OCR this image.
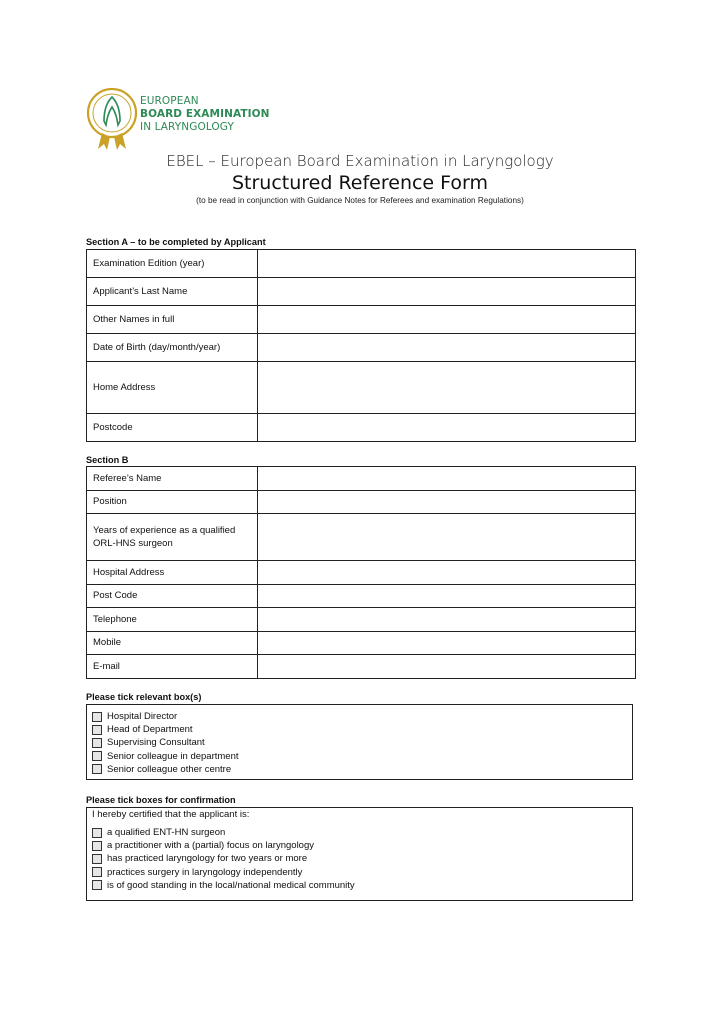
EUROPEAN
BOARD EXAMINATION
IN LARYNGOLOGY
EBEL – European Board Examination in Laryngology
Structured Reference Form
(to be read in conjunction with Guidance Notes for Referees and examination Regulations)
Section A – to be completed by Applicant
Examination Edition (year)	
Applicant’s Last Name	
Other Names in full	
Date of Birth (day/month/year)	
Home Address	
Postcode	
Section B
Referee’s Name	
Position	
Years of experience as a qualified ORL-HNS surgeon	
Hospital Address	
Post Code	
Telephone	
Mobile	
E-mail	
Please tick relevant box(s)
Hospital Director
Head of Department
Supervising Consultant
Senior colleague in department
Senior colleague other centre
Please tick boxes for confirmation
I hereby certified that the applicant is:
a qualified ENT-HN surgeon
a practitioner with a (partial) focus on laryngology
has practiced laryngology for two years or more
practices surgery in laryngology independently
is of good standing in the local/national medical community
